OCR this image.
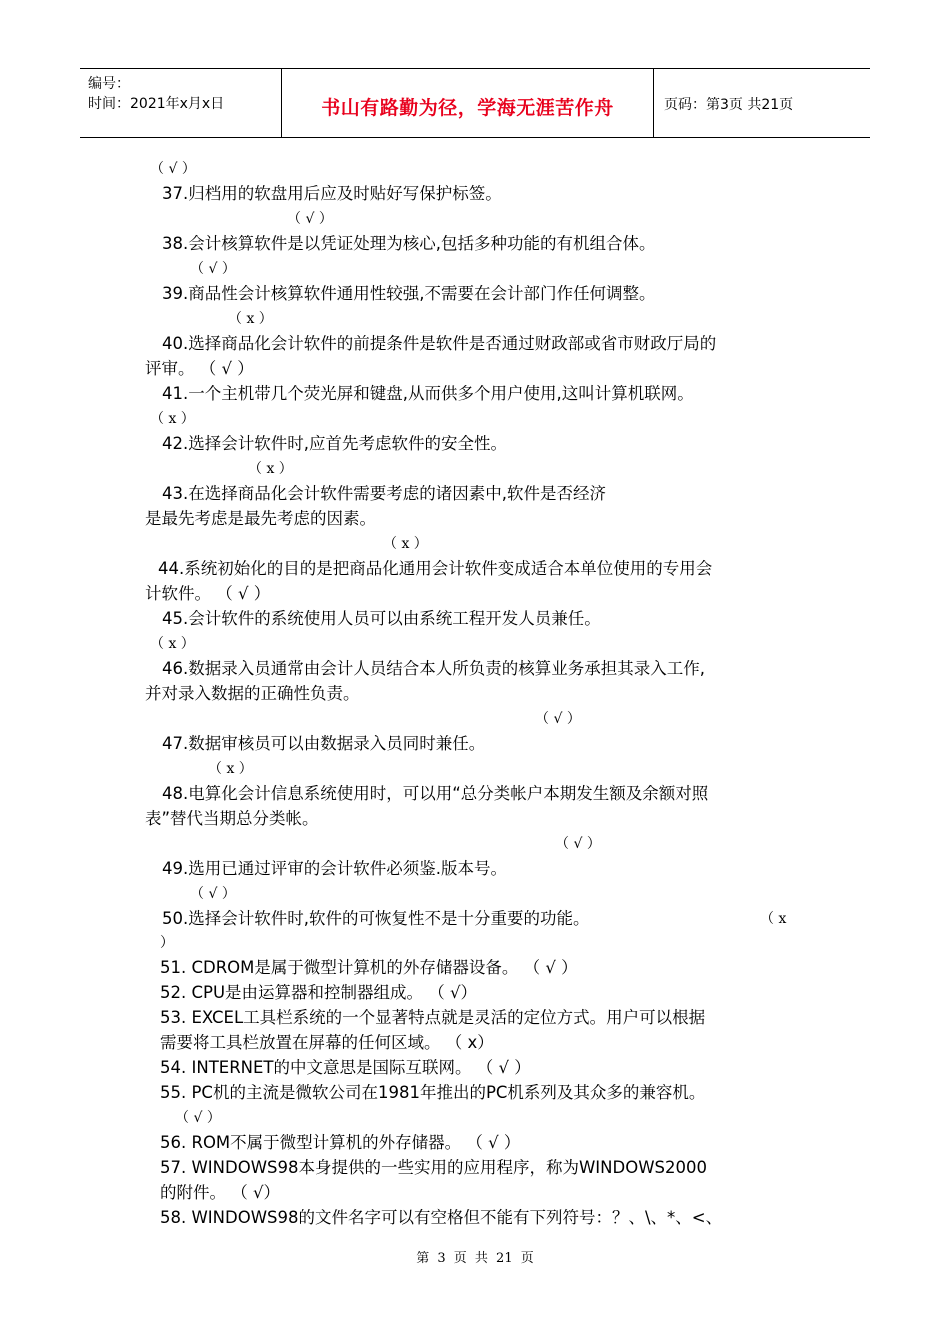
编号：
时间：2021年x月x日	书山有路勤为径，学海无涯苦作舟	页码：第3页 共21页
（ √ ）
37.归档用的软盘用后应及时贴好写保护标签。
（ √ ）
38.会计核算软件是以凭证处理为核心,包括多种功能的有机组合体。
（ √ ）
39.商品性会计核算软件通用性较强,不需要在会计部门作任何调整。
（ x ）
40.选择商品化会计软件的前提条件是软件是否通过财政部或省市财政厅局的
评审。 （ √ ）
41.一个主机带几个荧光屏和键盘,从而供多个用户使用,这叫计算机联网。
（ x ）
42.选择会计软件时,应首先考虑软件的安全性。
（ x ）
43.在选择商品化会计软件需要考虑的诸因素中,软件是否经济
是最先考虑是最先考虑的因素。
（ x ）
44.系统初始化的目的是把商品化通用会计软件变成适合本单位使用的专用会
计软件。 （ √ ）
45.会计软件的系统使用人员可以由系统工程开发人员兼任。
（ x ）
46.数据录入员通常由会计人员结合本人所负责的核算业务承担其录入工作,
并对录入数据的正确性负责。
（ √ ）
47.数据审核员可以由数据录入员同时兼任。
（ x ）
48.电算化会计信息系统使用时，可以用“总分类帐户本期发生额及余额对照
表”替代当期总分类帐。
（ √ ）
49.选用已通过评审的会计软件必须鉴.版本号。
（ √ ）
50.选择会计软件时,软件的可恢复性不是十分重要的功能。	（ x
）
51. CDROM是属于微型计算机的外存储器设备。 （ √ ）
52. CPU是由运算器和控制器组成。 （ √）
53. EXCEL工具栏系统的一个显著特点就是灵活的定位方式。用户可以根据
需要将工具栏放置在屏幕的任何区域。 （ x）
54. INTERNET的中文意思是国际互联网。 （ √ ）
55. PC机的主流是微软公司在1981年推出的PC机系列及其众多的兼容机。
（ √ ）
56. ROM不属于微型计算机的外存储器。 （ √ ）
57. WINDOWS98本身提供的一些实用的应用程序，称为WINDOWS2000
的附件。 （ √）
58. WINDOWS98的文件名字可以有空格但不能有下列符号：？、\、*、<、
第 3 页 共 21 页
